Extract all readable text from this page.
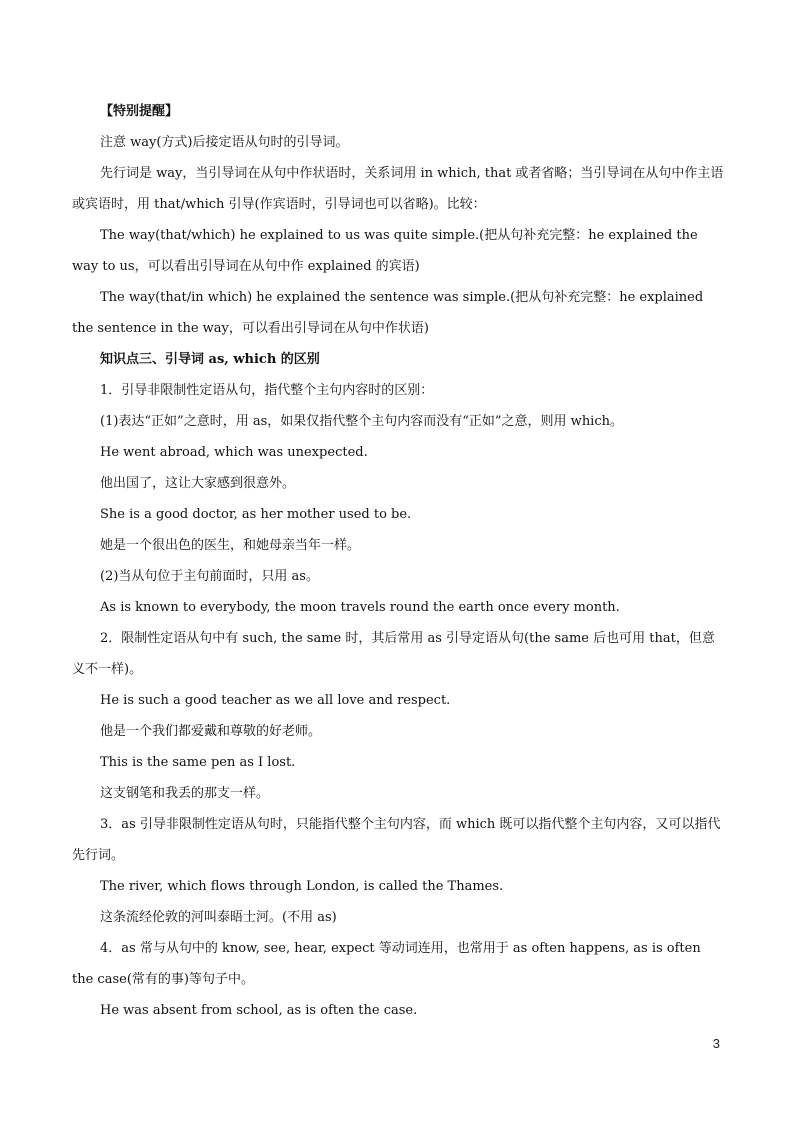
【特别提醒】

注意 way(方式)后接定语从句时的引导词。

先行词是 way，当引导词在从句中作状语时，关系词用 in which, that 或者省略；当引导词在从句中作主语或宾语时，用 that/which 引导(作宾语时，引导词也可以省略)。比较：

The way(that/which) he explained to us was quite simple.(把从句补充完整：he explained the way to us，可以看出引导词在从句中作 explained 的宾语)

The way(that/in which) he explained the sentence was simple.(把从句补充完整：he explained the sentence in the way，可以看出引导词在从句中作状语)

知识点三、引导词 as, which 的区别

1．引导非限制性定语从句，指代整个主句内容时的区别：

(1)表达“正如”之意时，用 as，如果仅指代整个主句内容而没有“正如”之意，则用 which。

He went abroad, which was unexpected.

他出国了，这让大家感到很意外。

She is a good doctor, as her mother used to be.

她是一个很出色的医生，和她母亲当年一样。

(2)当从句位于主句前面时，只用 as。

As is known to everybody, the moon travels round the earth once every month.

2．限制性定语从句中有 such, the same 时，其后常用 as 引导定语从句(the same 后也可用 that，但意义不一样)。

He is such a good teacher as we all love and respect.

他是一个我们都爱戴和尊敬的好老师。

This is the same pen as I lost.

这支钢笔和我丢的那支一样。

3．as 引导非限制性定语从句时，只能指代整个主句内容，而 which 既可以指代整个主句内容，又可以指代先行词。

The river, which flows through London, is called the Thames.

这条流经伦敦的河叫泰晤士河。(不用 as)

4．as 常与从句中的 know, see, hear, expect 等动词连用，也常用于 as often happens, as is often the case(常有的事)等句子中。

He was absent from school, as is often the case.

3
